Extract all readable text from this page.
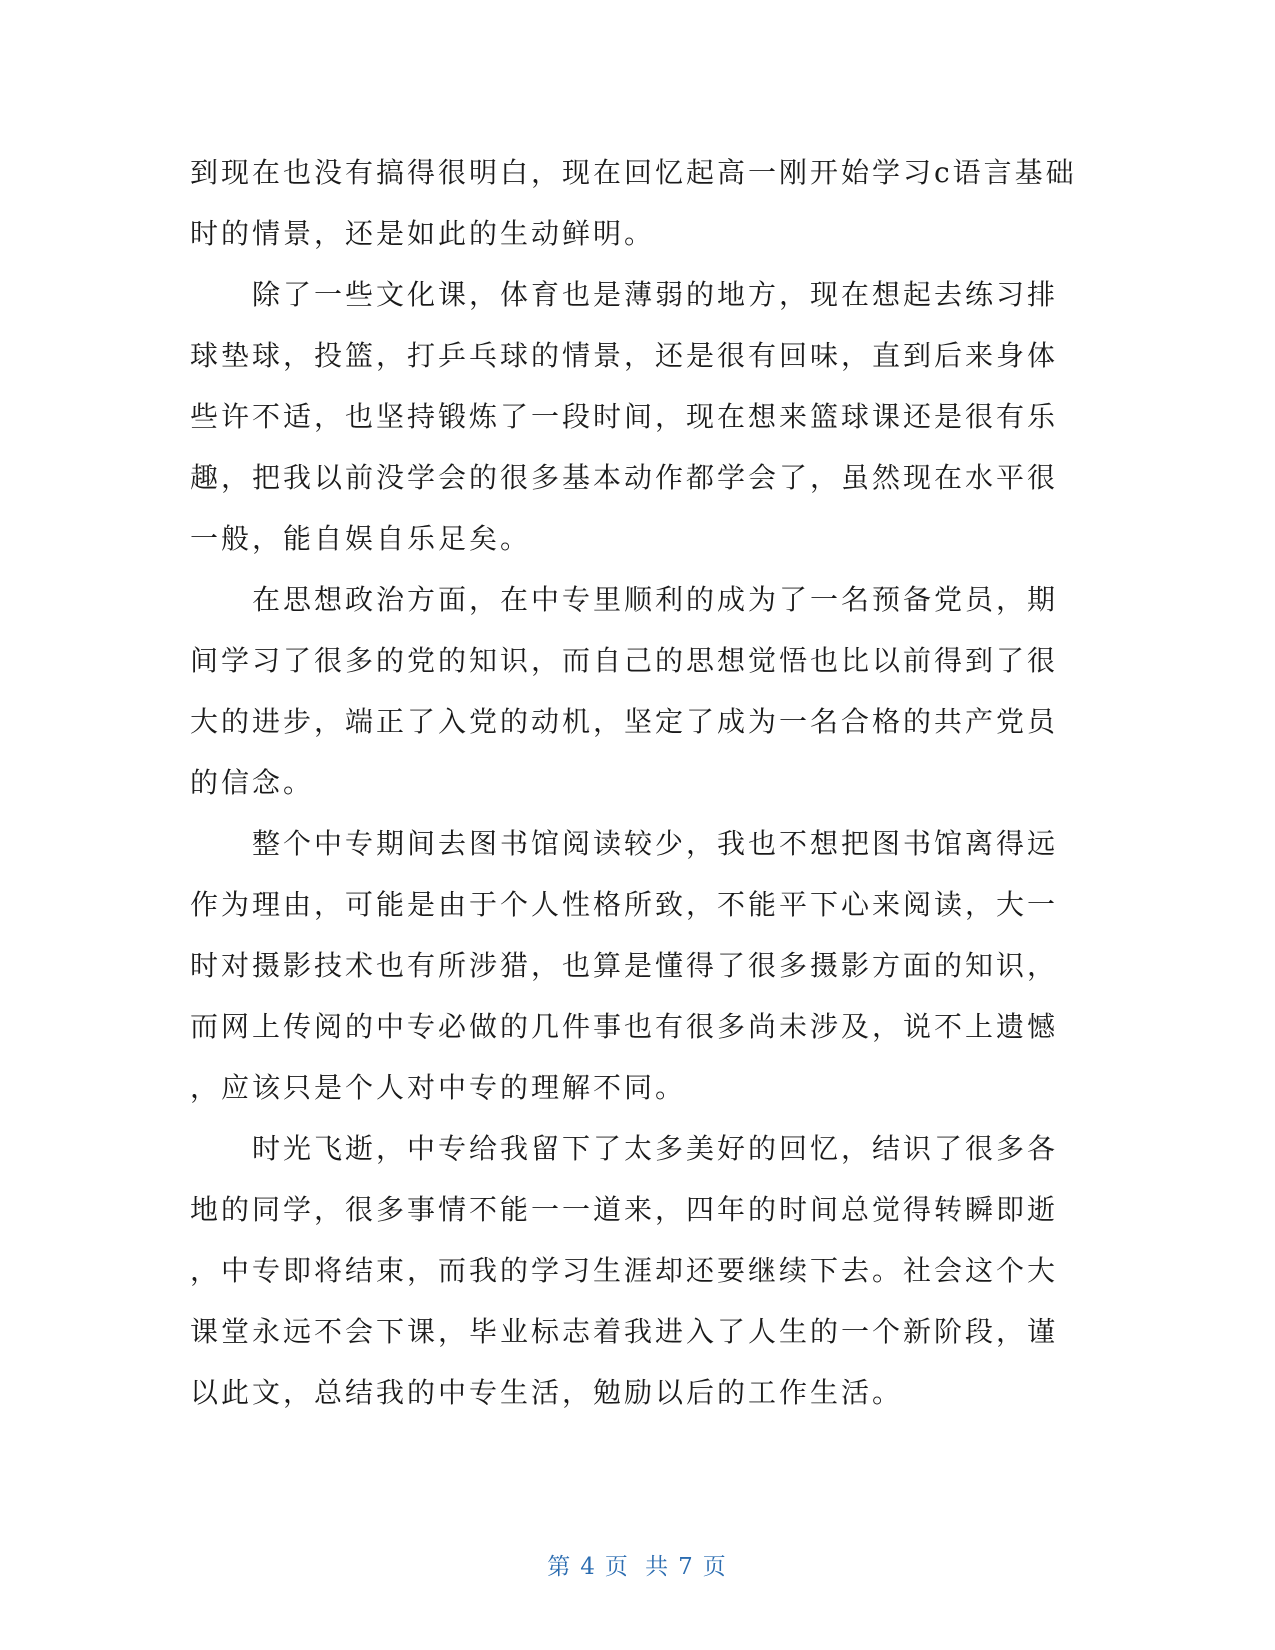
到现在也没有搞得很明白，现在回忆起高一刚开始学习c语言基础
时的情景，还是如此的生动鲜明。
除了一些文化课，体育也是薄弱的地方，现在想起去练习排
球垫球，投篮，打乒乓球的情景，还是很有回味，直到后来身体
些许不适，也坚持锻炼了一段时间，现在想来篮球课还是很有乐
趣，把我以前没学会的很多基本动作都学会了，虽然现在水平很
一般，能自娱自乐足矣。
在思想政治方面，在中专里顺利的成为了一名预备党员，期
间学习了很多的党的知识，而自己的思想觉悟也比以前得到了很
大的进步，端正了入党的动机，坚定了成为一名合格的共产党员
的信念。
整个中专期间去图书馆阅读较少，我也不想把图书馆离得远
作为理由，可能是由于个人性格所致，不能平下心来阅读，大一
时对摄影技术也有所涉猎，也算是懂得了很多摄影方面的知识，
而网上传阅的中专必做的几件事也有很多尚未涉及，说不上遗憾
，应该只是个人对中专的理解不同。
时光飞逝，中专给我留下了太多美好的回忆，结识了很多各
地的同学，很多事情不能一一道来，四年的时间总觉得转瞬即逝
，中专即将结束，而我的学习生涯却还要继续下去。社会这个大
课堂永远不会下课，毕业标志着我进入了人生的一个新阶段，谨
以此文，总结我的中专生活，勉励以后的工作生活。
第 4 页 共 7 页
